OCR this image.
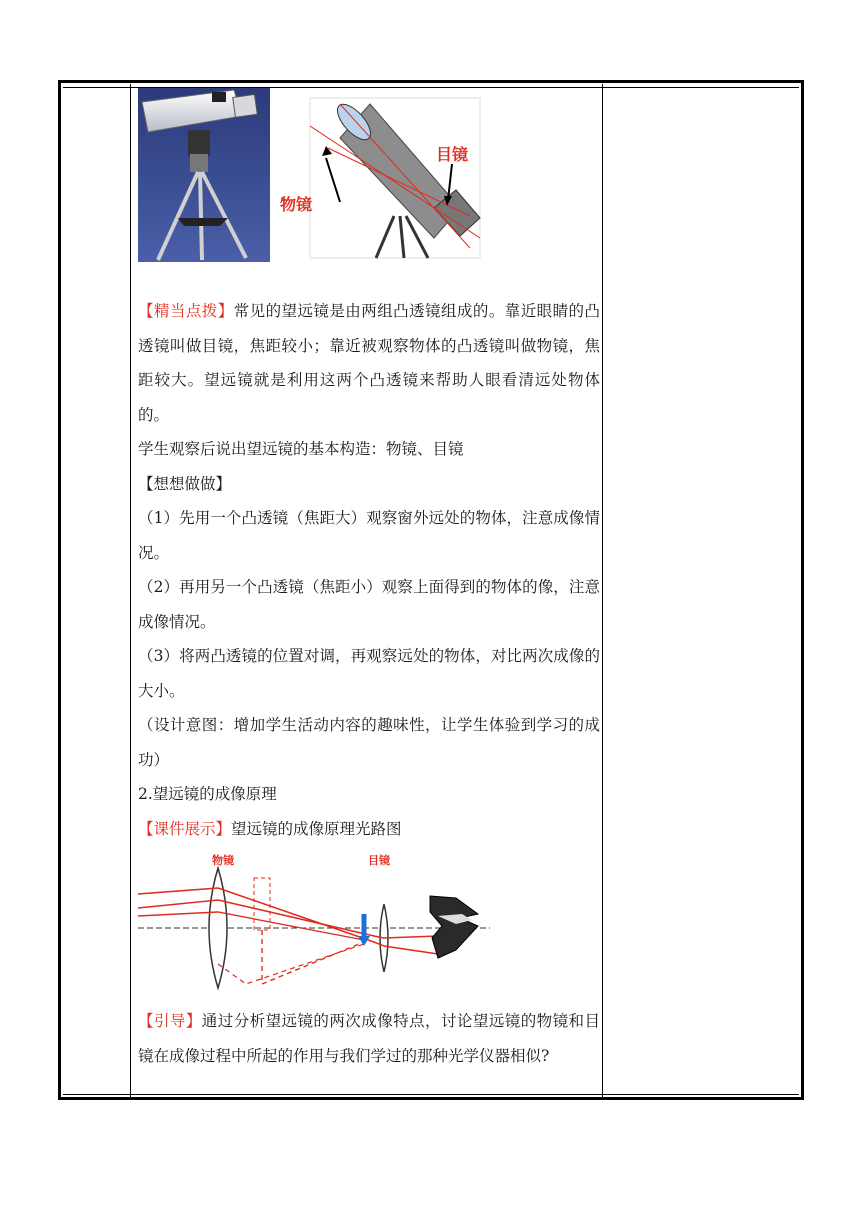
物镜
目镜

【精当点拨】常见的望远镜是由两组凸透镜组成的。靠近眼睛的凸透镜叫做目镜，焦距较小；靠近被观察物体的凸透镜叫做物镜，焦距较大。望远镜就是利用这两个凸透镜来帮助人眼看清远处物体的。

学生观察后说出望远镜的基本构造：物镜、目镜

【想想做做】

（1）先用一个凸透镜（焦距大）观察窗外远处的物体，注意成像情况。

（2）再用另一个凸透镜（焦距小）观察上面得到的物体的像，注意成像情况。

（3）将两凸透镜的位置对调，再观察远处的物体，对比两次成像的大小。

（设计意图：增加学生活动内容的趣味性，让学生体验到学习的成功）

2.望远镜的成像原理

【课件展示】望远镜的成像原理光路图

物镜	目镜

【引导】通过分析望远镜的两次成像特点，讨论望远镜的物镜和目镜在成像过程中所起的作用与我们学过的那种光学仪器相似?
